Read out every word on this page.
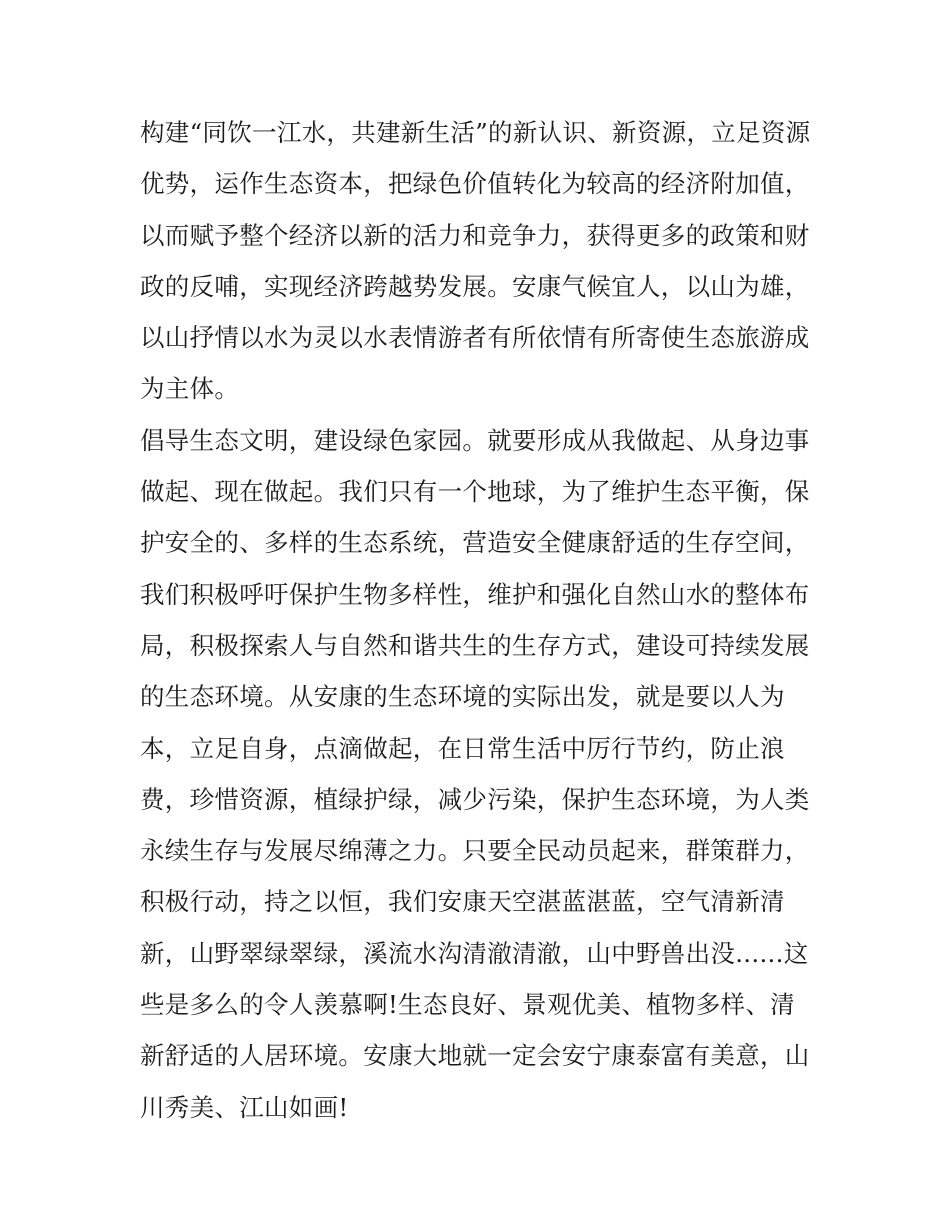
构建“同饮一江水，共建新生活”的新认识、新资源，立足资源
优势，运作生态资本，把绿色价值转化为较高的经济附加值，
以而赋予整个经济以新的活力和竞争力，获得更多的政策和财
政的反哺，实现经济跨越势发展。安康气候宜人，以山为雄，
以山抒情以水为灵以水表情游者有所依情有所寄使生态旅游成
为主体。
倡导生态文明，建设绿色家园。就要形成从我做起、从身边事
做起、现在做起。我们只有一个地球，为了维护生态平衡，保
护安全的、多样的生态系统，营造安全健康舒适的生存空间，
我们积极呼吁保护生物多样性，维护和强化自然山水的整体布
局，积极探索人与自然和谐共生的生存方式，建设可持续发展
的生态环境。从安康的生态环境的实际出发，就是要以人为
本，立足自身，点滴做起，在日常生活中厉行节约，防止浪
费，珍惜资源，植绿护绿，减少污染，保护生态环境，为人类
永续生存与发展尽绵薄之力。只要全民动员起来，群策群力，
积极行动，持之以恒，我们安康天空湛蓝湛蓝，空气清新清
新，山野翠绿翠绿，溪流水沟清澈清澈，山中野兽出没......这
些是多么的令人羡慕啊!生态良好、景观优美、植物多样、清
新舒适的人居环境。安康大地就一定会安宁康泰富有美意，山
川秀美、江山如画!
